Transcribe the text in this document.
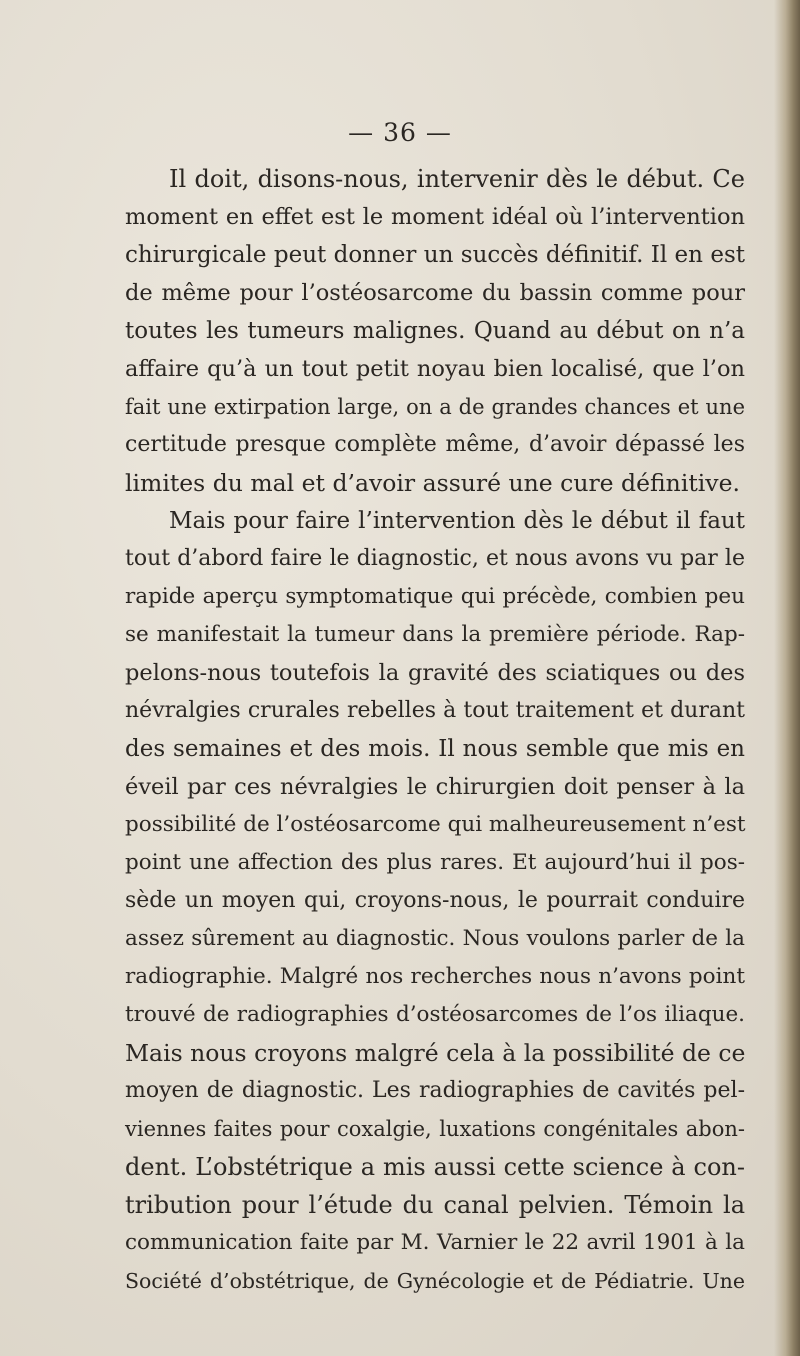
— 36 —
Il doit, disons-nous, intervenir dès le début. Ce
moment en effet est le moment idéal où l’intervention
chirurgicale peut donner un succès définitif. Il en est
de même pour l’ostéosarcome du bassin comme pour
toutes les tumeurs malignes. Quand au début on n’a
affaire qu’à un tout petit noyau bien localisé, que l’on
fait une extirpation large, on a de grandes chances et une
certitude presque complète même, d’avoir dépassé les
limites du mal et d’avoir assuré une cure définitive.
Mais pour faire l’intervention dès le début il faut
tout d’abord faire le diagnostic, et nous avons vu par le
rapide aperçu symptomatique qui précède, combien peu
se manifestait la tumeur dans la première période. Rap-
pelons-nous toutefois la gravité des sciatiques ou des
névralgies crurales rebelles à tout traitement et durant
des semaines et des mois. Il nous semble que mis en
éveil par ces névralgies le chirurgien doit penser à la
possibilité de l’ostéosarcome qui malheureusement n’est
point une affection des plus rares. Et aujourd’hui il pos-
sède un moyen qui, croyons-nous, le pourrait conduire
assez sûrement au diagnostic. Nous voulons parler de la
radiographie. Malgré nos recherches nous n’avons point
trouvé de radiographies d’ostéosarcomes de l’os iliaque.
Mais nous croyons malgré cela à la possibilité de ce
moyen de diagnostic. Les radiographies de cavités pel-
viennes faites pour coxalgie, luxations congénitales abon-
dent. L’obstétrique a mis aussi cette science à con-
tribution pour l’étude du canal pelvien. Témoin la
communication faite par M. Varnier le 22 avril 1901 à la
Société d’obstétrique, de Gynécologie et de Pédiatrie. Une
